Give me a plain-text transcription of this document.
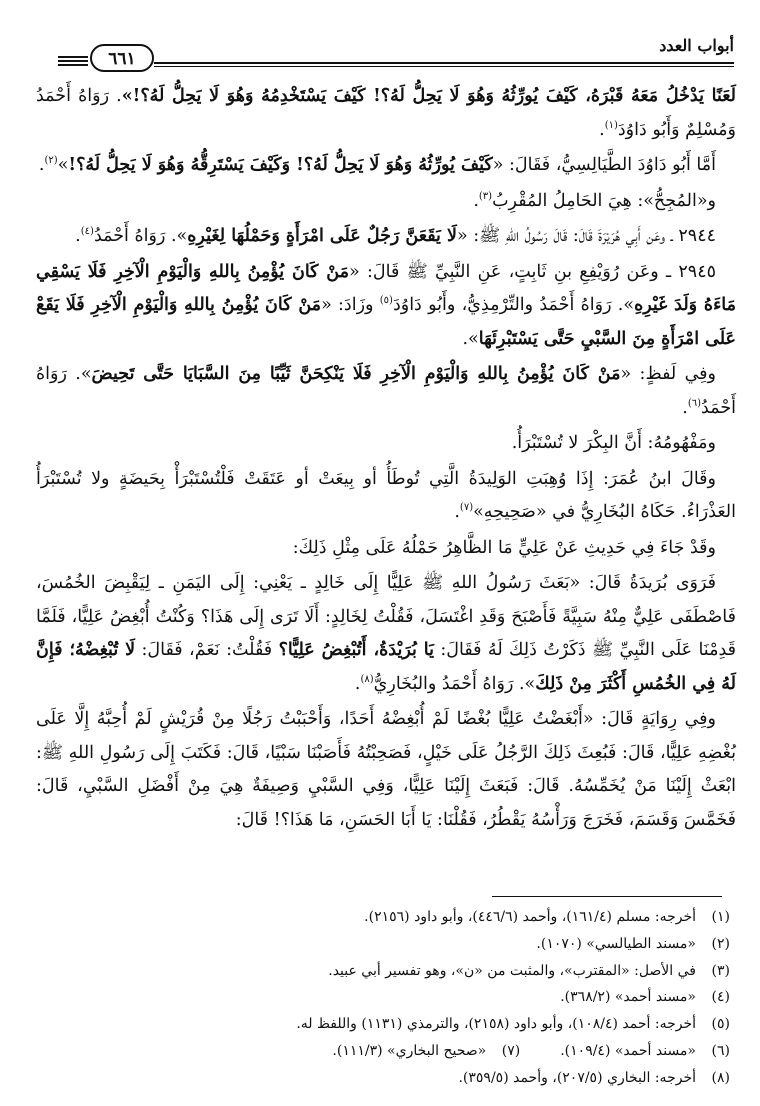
أبواب العدد
٦٦١

لَعَنًا يَدْخُلُ مَعَهُ قَبْرَهُ، كَيْفَ يُورِّثُهُ وَهُوَ لَا يَحِلُّ لَهُ؟! كَيْفَ يَسْتَخْدِمُهُ وَهُوَ لَا يَحِلُّ لَهُ؟!». رَوَاهُ أَحْمَدُ وَمُسْلِمٌ وَأَبُو دَاوُدَ$^{(١)}$.

أَمَّا أَبُو دَاوُدَ الطَّيَالِسِيُّ، فَقَالَ: «كَيْفَ يُورِّثُهُ وَهُوَ لَا يَحِلُّ لَهُ؟! وَكَيْفَ يَسْتَرِقُّهُ وَهُوَ لَا يَحِلُّ لَهُ؟!»$^{(٢)}$.

و«المُجِحُّ»: هِيَ الحَامِلُ المُقْرِبُ$^{(٣)}$.

٢٩٤٤ ـ وعَن أَبِي هُرَيْرَةَ قَالَ: قَالَ رَسُولُ اللهِ ﷺ: «لَا يَقَعَنَّ رَجُلٌ عَلَى امْرَأَةٍ وَحَمْلُهَا لِغَيْرِهِ». رَوَاهُ أَحْمَدُ$^{(٤)}$.

٢٩٤٥ ـ وعَن رُوَيْفِعِ بنِ ثَابِتٍ، عَنِ النَّبِيِّ ﷺ قَالَ: «مَنْ كَانَ يُؤْمِنُ بِاللهِ وَالْيَوْمِ الْآخِرِ فَلَا يَسْقِي مَاءَهُ وَلَدَ غَيْرِهِ». رَوَاهُ أَحْمَدُ والتِّرْمِذِيُّ، وأَبُو دَاوُدَ$^{(٥)}$ وزَادَ: «مَنْ كَانَ يُؤْمِنُ بِاللهِ وَالْيَوْمِ الْآخِرِ فَلَا يَقَعْ عَلَى امْرَأَةٍ مِنَ السَّبْيِ حَتَّى يَسْتَبْرِئَهَا».

وفِي لَفظٍ: «مَنْ كَانَ يُؤْمِنُ بِاللهِ وَالْيَوْمِ الْآخِرِ فَلَا يَنْكِحَنَّ ثَيِّبًا مِنَ السَّبَايَا حَتَّى تَحِيضَ». رَوَاهُ أَحْمَدُ$^{(٦)}$.

ومَفْهُومُهُ: أَنَّ البِكْرَ لا تُسْتَبْرَأُ.

وقَالَ ابنُ عُمَرَ: إِذَا وُهِبَتِ الوَلِيدَةُ الَّتِي تُوطَأُ أو بِيعَتْ أو عَتَقَتْ فَلْتُسْتَبْرَأْ بِحَيضَةٍ ولا تُسْتَبْرَأُ العَذْرَاءُ. حَكَاهُ البُخَارِيُّ في «صَحِيحِهِ»$^{(٧)}$.

وقَدْ جَاءَ فِي حَدِيثِ عَنْ عَلِيٍّ مَا الظَّاهِرُ حَمْلُهُ عَلَى مِثْلِ ذَلِكَ:

فَرَوَى بُرَيدَةُ قَالَ: «بَعَثَ رَسُولُ اللهِ ﷺ عَلِيًّا إِلَى خَالِدٍ ـ يَعْنِي: إِلَى اليَمَنِ ـ لِيَقْبِضَ الخُمُسَ، فَاصْطَفَى عَلِيٌّ مِنْهُ سَبِيَّةً فَأَصْبَحَ وَقَدِ اغْتَسَلَ، فَقُلْتُ لِخَالِدٍ: أَلَا تَرَى إِلَى هَذَا؟ وَكُنْتُ أُبْغِضُ عَلِيًّا، فَلَمَّا قَدِمْنَا عَلَى النَّبِيِّ ﷺ ذَكَرْتُ ذَلِكَ لَهُ فَقَالَ: يَا بُرَيْدَةُ، أَتُبْغِضُ عَلِيًّا؟ فَقُلْتُ: نَعَمْ، فَقَالَ: لَا تُبْغِضْهُ؛ فَإِنَّ لَهُ فِي الخُمُسِ أَكْثَرَ مِنْ ذَلِكَ». رَوَاهُ أَحْمَدُ والبُخَارِيُّ$^{(٨)}$.

وفِي رِوَايَةٍ قَالَ: «أَبْغَضْتُ عَلِيًّا بُغْضًا لَمْ أُبْغِضْهُ أَحَدًا، وَأَحْبَبْتُ رَجُلًا مِنْ قُرَيْشٍ لَمْ أُحِبَّهُ إِلَّا عَلَى بُغْضِهِ عَلِيًّا، قَالَ: فَبُعِثَ ذَلِكَ الرَّجُلُ عَلَى خَيْلٍ، فَصَحِبْتُهُ فَأَصَبْنَا سَبْيًا، قَالَ: فَكَتَبَ إِلَى رَسُولِ اللهِ ﷺ: ابْعَثْ إِلَيْنَا مَنْ يُخَمِّسُهُ. قَالَ: فَبَعَثَ إِلَيْنَا عَلِيًّا، وَفِي السَّبْيِ وَصِيفَةٌ هِيَ مِنْ أَفْضَلِ السَّبْيِ، قَالَ: فَخَمَّسَ وَقَسَمَ، فَخَرَجَ وَرَأْسُهُ يَقْطُرُ، فَقُلْنَا: يَا أَبَا الحَسَنِ، مَا هَذَا؟! قَالَ:

(١)أخرجه: مسلم (١٦١/٤)، وأحمد (٤٤٦/٦)، وأبو داود (٢١٥٦).
(٢)«مسند الطيالسي» (١٠٧٠).
(٣)في الأصل: «المقترب»، والمثبت من «ن»، وهو تفسير أبي عبيد.
(٤)«مسند أحمد» (٣٦٨/٢).
(٥)أخرجه: أحمد (١٠٨/٤)، وأبو داود (٢١٥٨)، والترمذي (١١٣١) واللفظ له.
(٦)«مسند أحمد» (١٠٩/٤).(٧)«صحيح البخاري» (١١١/٣).
(٨)أخرجه: البخاري (٢٠٧/٥)، وأحمد (٣٥٩/٥).
